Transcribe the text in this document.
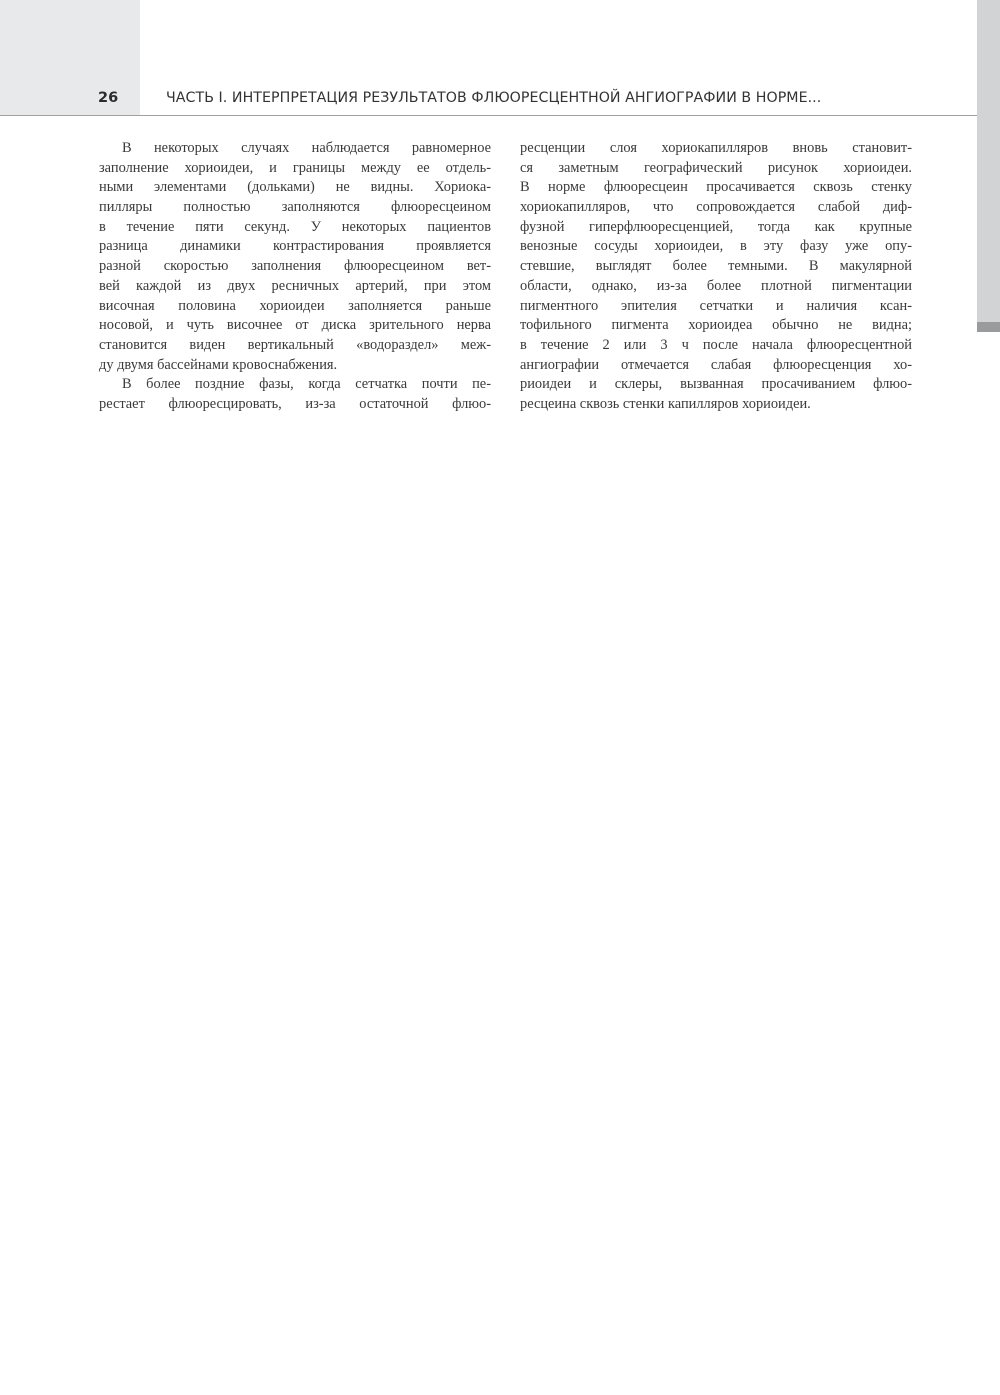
26	ЧАСТЬ I. ИНТЕРПРЕТАЦИЯ РЕЗУЛЬТАТОВ ФЛЮОРЕСЦЕНТНОЙ АНГИОГРАФИИ В НОРМЕ...
В некоторых случаях наблюдается равномерное
заполнение хориоидеи, и границы между ее отдель-
ными элементами (дольками) не видны. Хориока-
пилляры полностью заполняются флюоресцеином
в течение пяти секунд. У некоторых пациентов
разница динамики контрастирования проявляется
разной скоростью заполнения флюоресцеином вет-
вей каждой из двух ресничных артерий, при этом
височная половина хориоидеи заполняется раньше
носовой, и чуть височнее от диска зрительного нерва
становится виден вертикальный «водораздел» меж-
ду двумя бассейнами кровоснабжения.
В более поздние фазы, когда сетчатка почти пе-
рестает флюоресцировать, из-за остаточной флюо-
ресценции слоя хориокапилляров вновь становит-
ся заметным географический рисунок хориоидеи.
В норме флюоресцеин просачивается сквозь стенку
хориокапилляров, что сопровождается слабой диф-
фузной гиперфлюоресценцией, тогда как крупные
венозные сосуды хориоидеи, в эту фазу уже опу-
стевшие, выглядят более темными. В макулярной
области, однако, из-за более плотной пигментации
пигментного эпителия сетчатки и наличия ксан-
тофильного пигмента хориоидеа обычно не видна;
в течение 2 или 3 ч после начала флюоресцентной
ангиографии отмечается слабая флюоресценция хо-
риоидеи и склеры, вызванная просачиванием флюо-
ресцеина сквозь стенки капилляров хориоидеи.
